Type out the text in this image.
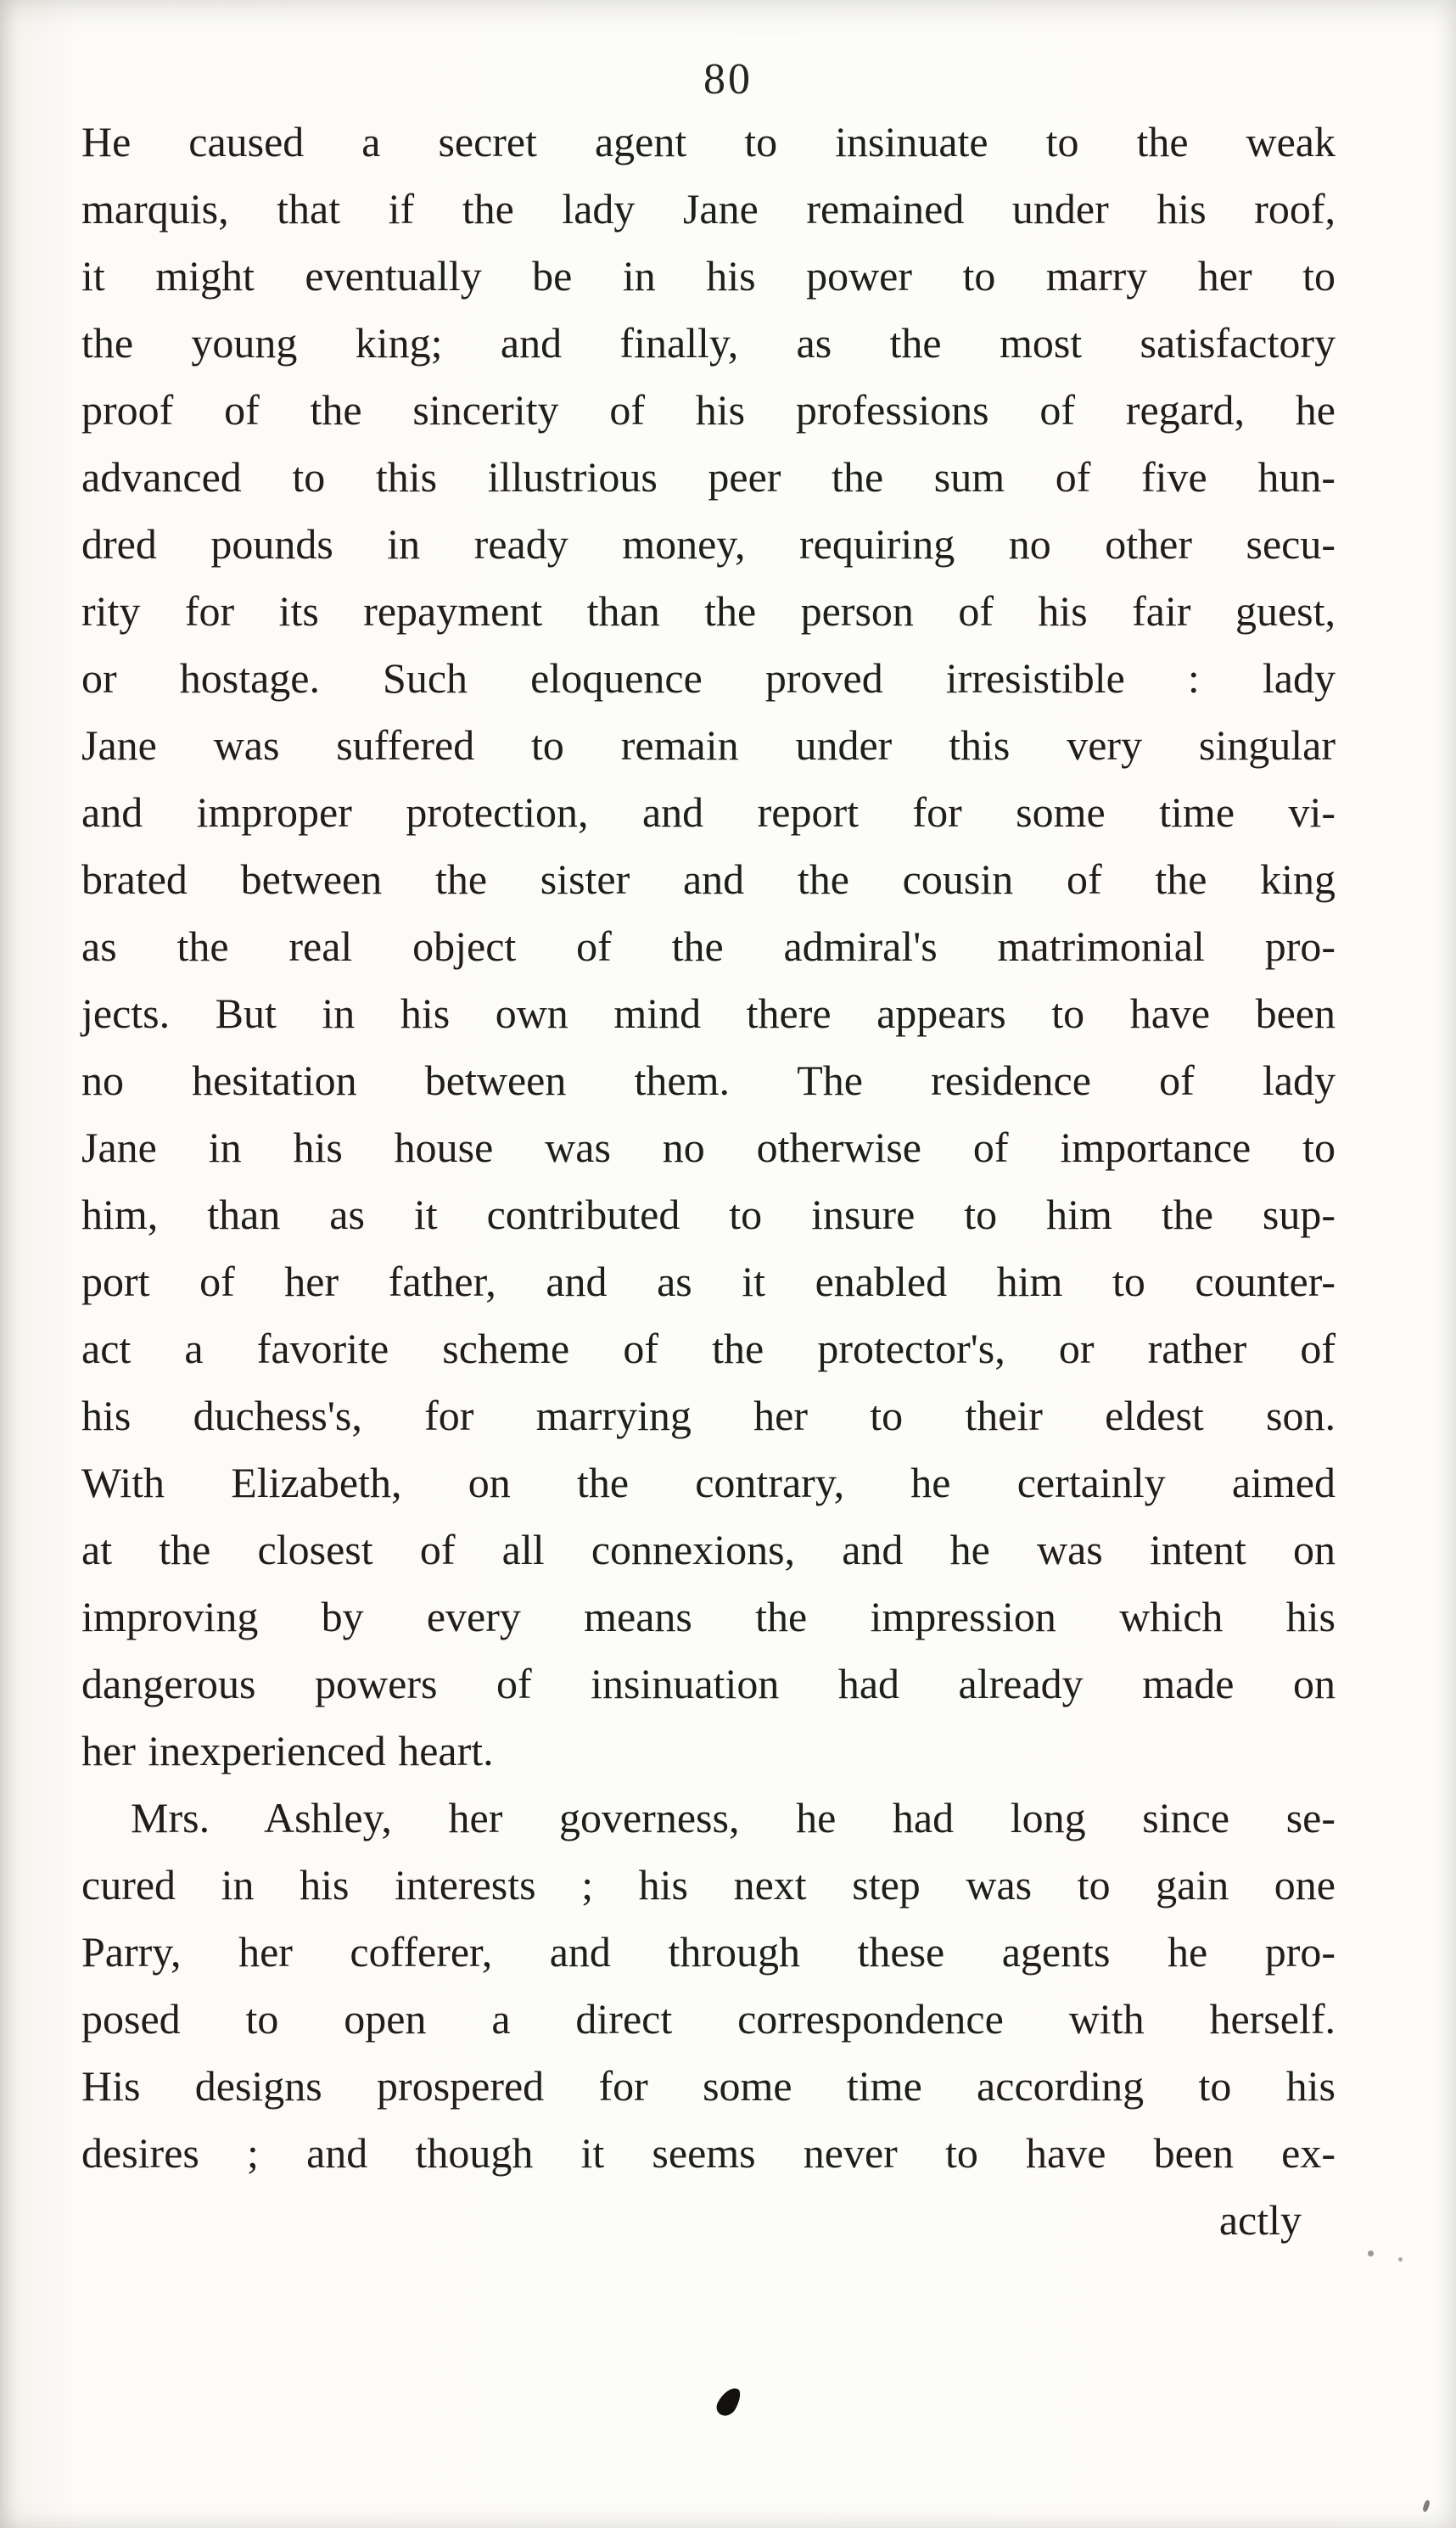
80
He caused a secret agent to insinuate to the weak
marquis, that if the lady Jane remained under his roof,
it might eventually be in his power to marry her to
the young king; and finally, as the most satisfactory
proof of the sincerity of his professions of regard, he
advanced to this illustrious peer the sum of five hun-
dred pounds in ready money, requiring no other secu-
rity for its repayment than the person of his fair guest,
or hostage. Such eloquence proved irresistible : lady
Jane was suffered to remain under this very singular
and improper protection, and report for some time vi-
brated between the sister and the cousin of the king
as the real object of the admiral's matrimonial pro-
jects. But in his own mind there appears to have been
no hesitation between them. The residence of lady
Jane in his house was no otherwise of importance to
him, than as it contributed to insure to him the sup-
port of her father, and as it enabled him to counter-
act a favorite scheme of the protector's, or rather of
his duchess's, for marrying her to their eldest son.
With Elizabeth, on the contrary, he certainly aimed
at the closest of all connexions, and he was intent on
improving by every means the impression which his
dangerous powers of insinuation had already made on
her inexperienced heart.
Mrs. Ashley, her governess, he had long since se-
cured in his interests ; his next step was to gain one
Parry, her cofferer, and through these agents he pro-
posed to open a direct correspondence with herself.
His designs prospered for some time according to his
desires ; and though it seems never to have been ex-
actly
